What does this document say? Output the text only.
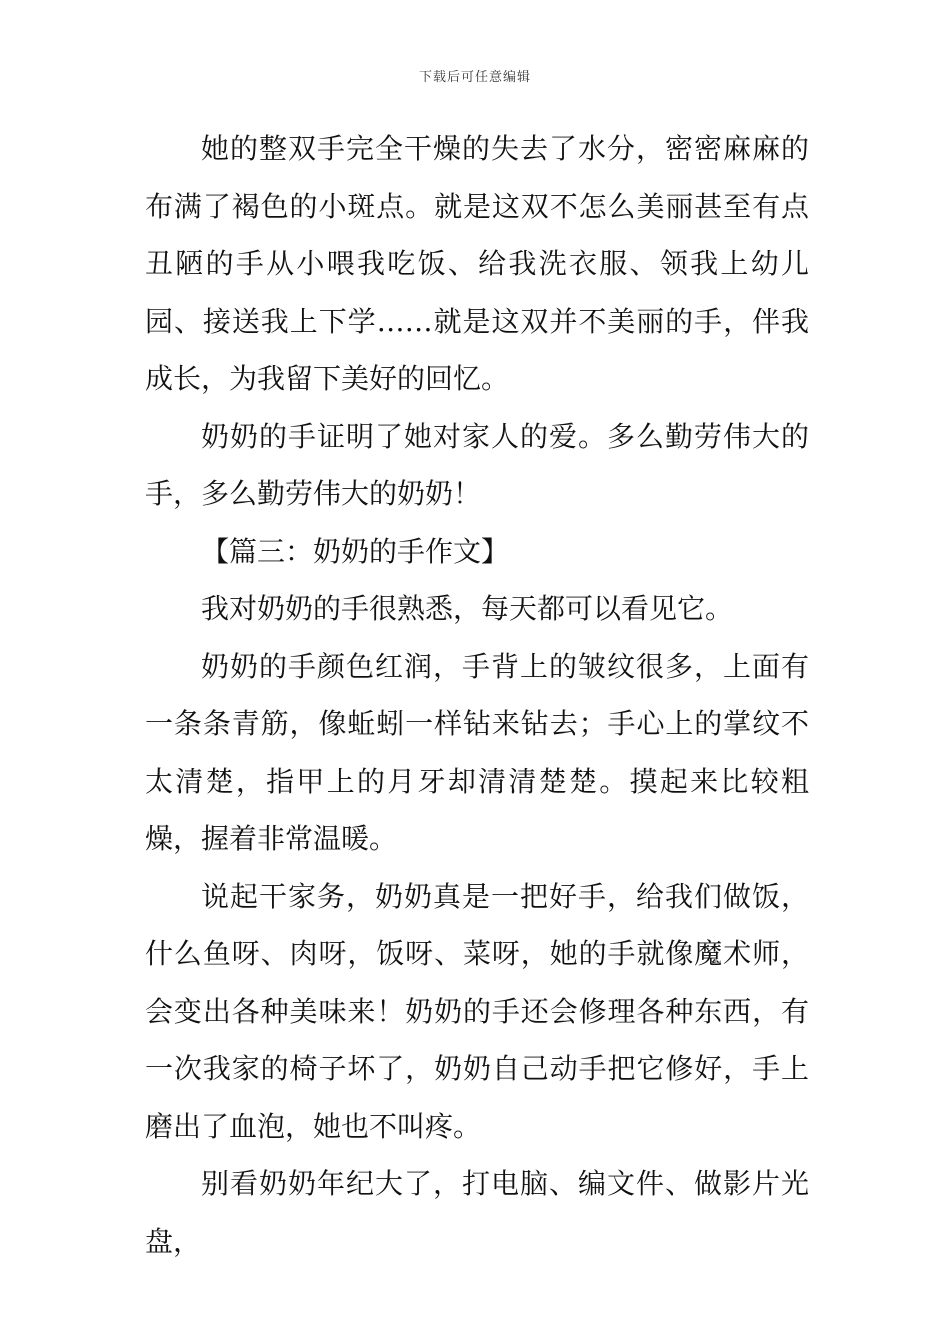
下载后可任意编辑

她的整双手完全干燥的失去了水分，密密麻麻的布满了褐色的小斑点。就是这双不怎么美丽甚至有点丑陋的手从小喂我吃饭、给我洗衣服、领我上幼儿园、接送我上下学……就是这双并不美丽的手，伴我成长，为我留下美好的回忆。

奶奶的手证明了她对家人的爱。多么勤劳伟大的手，多么勤劳伟大的奶奶！

【篇三：奶奶的手作文】

我对奶奶的手很熟悉，每天都可以看见它。

奶奶的手颜色红润，手背上的皱纹很多，上面有一条条青筋，像蚯蚓一样钻来钻去；手心上的掌纹不太清楚，指甲上的月牙却清清楚楚。摸起来比较粗燥，握着非常温暖。

说起干家务，奶奶真是一把好手，给我们做饭，什么鱼呀、肉呀，饭呀、菜呀，她的手就像魔术师，会变出各种美味来！奶奶的手还会修理各种东西，有一次我家的椅子坏了，奶奶自己动手把它修好，手上磨出了血泡，她也不叫疼。

别看奶奶年纪大了，打电脑、编文件、做影片光盘，
